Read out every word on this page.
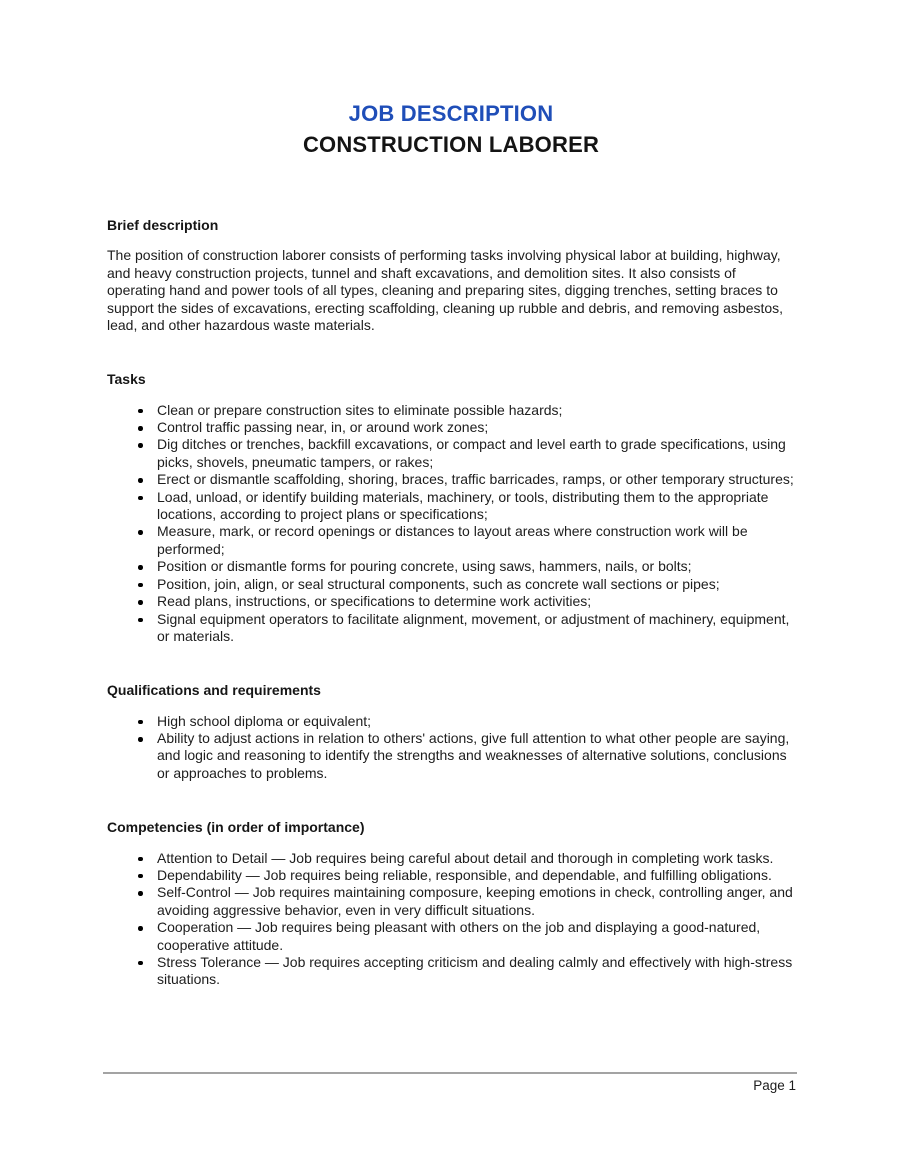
JOB DESCRIPTION
CONSTRUCTION LABORER
Brief description

The position of construction laborer consists of performing tasks involving physical labor at building, highway, and heavy construction projects, tunnel and shaft excavations, and demolition sites. It also consists of operating hand and power tools of all types, cleaning and preparing sites, digging trenches, setting braces to support the sides of excavations, erecting scaffolding, cleaning up rubble and debris, and removing asbestos, lead, and other hazardous waste materials.

Tasks
Clean or prepare construction sites to eliminate possible hazards;
Control traffic passing near, in, or around work zones;
Dig ditches or trenches, backfill excavations, or compact and level earth to grade specifications, using picks, shovels, pneumatic tampers, or rakes;
Erect or dismantle scaffolding, shoring, braces, traffic barricades, ramps, or other temporary structures;
Load, unload, or identify building materials, machinery, or tools, distributing them to the appropriate locations, according to project plans or specifications;
Measure, mark, or record openings or distances to layout areas where construction work will be performed;
Position or dismantle forms for pouring concrete, using saws, hammers, nails, or bolts;
Position, join, align, or seal structural components, such as concrete wall sections or pipes;
Read plans, instructions, or specifications to determine work activities;
Signal equipment operators to facilitate alignment, movement, or adjustment of machinery, equipment, or materials.
Qualifications and requirements
High school diploma or equivalent;
Ability to adjust actions in relation to others' actions, give full attention to what other people are saying, and logic and reasoning to identify the strengths and weaknesses of alternative solutions, conclusions or approaches to problems.
Competencies (in order of importance)
Attention to Detail — Job requires being careful about detail and thorough in completing work tasks.
Dependability — Job requires being reliable, responsible, and dependable, and fulfilling obligations.
Self-Control — Job requires maintaining composure, keeping emotions in check, controlling anger, and avoiding aggressive behavior, even in very difficult situations.
Cooperation — Job requires being pleasant with others on the job and displaying a good-natured, cooperative attitude.
Stress Tolerance — Job requires accepting criticism and dealing calmly and effectively with high-stress situations.
Page 1
